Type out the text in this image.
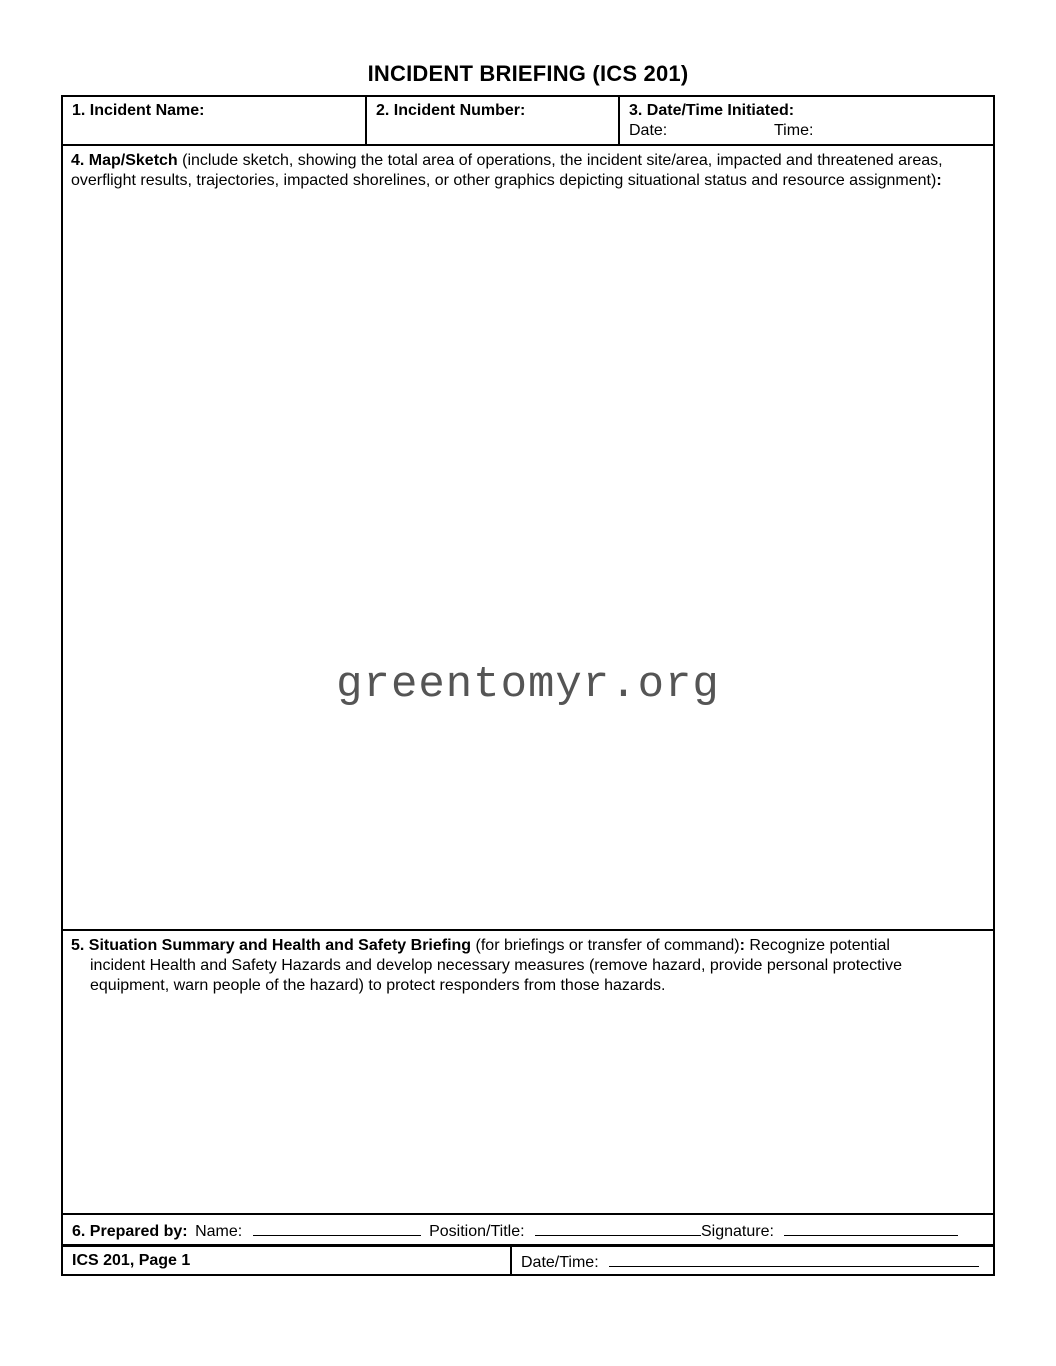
INCIDENT BRIEFING (ICS 201)
1. Incident Name:	2. Incident Number:	3. Date/Time Initiated:
Date:	Time:
4. Map/Sketch (include sketch, showing the total area of operations, the incident site/area, impacted and threatened areas, overflight results, trajectories, impacted shorelines, or other graphics depicting situational status and resource assignment):
greentomyr.org
5. Situation Summary and Health and Safety Briefing (for briefings or transfer of command): Recognize potential
incident Health and Safety Hazards and develop necessary measures (remove hazard, provide personal protective
equipment, warn people of the hazard) to protect responders from those hazards.
6. Prepared by: Name:	Position/Title:	Signature:
ICS 201, Page 1	Date/Time:
